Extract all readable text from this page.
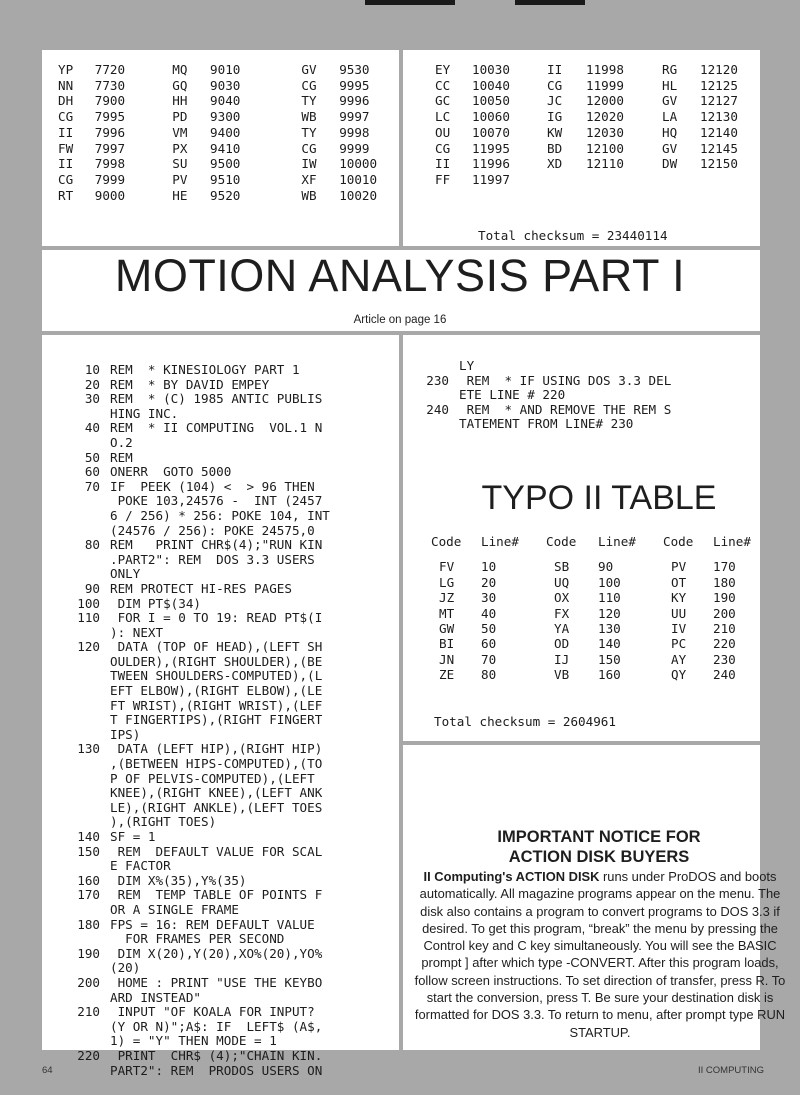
YP	7720	MQ	9010	GV	9530
NN	7730	GQ	9030	CG	9995
DH	7900	HH	9040	TY	9996
CG	7995	PD	9300	WB	9997
II	7996	VM	9400	TY	9998
FW	7997	PX	9410	CG	9999
II	7998	SU	9500	IW	10000
CG	7999	PV	9510	XF	10010
RT	9000	HE	9520	WB	10020
EY	10030	II	11998	RG	12120
CC	10040	CG	11999	HL	12125
GC	10050	JC	12000	GV	12127
LC	10060	IG	12020	LA	12130
OU	10070	KW	12030	HQ	12140
CG	11995	BD	12100	GV	12145
II	11996	XD	12110	DW	12150
FF	11997				
Total checksum = 23440114
MOTION ANALYSIS PART I
Article on page 16
10 REM  * KINESIOLOGY PART 1
20 REM  * BY DAVID EMPEY
30 REM  * (C) 1985 ANTIC PUBLIS
HING INC.
40 REM  * II COMPUTING  VOL.1 N
O.2
50 REM
60 ONERR  GOTO 5000
70 IF  PEEK (104) <  > 96 THEN
POKE 103,24576 -  INT (2457
6 / 256) * 256: POKE 104, INT
(24576 / 256): POKE 24575,0
80 REM   PRINT CHR$(4);"RUN KIN
.PART2": REM  DOS 3.3 USERS
ONLY
90 REM PROTECT HI-RES PAGES
100 DIM PT$(34)
110 FOR I = 0 TO 19: READ PT$(I
): NEXT
120 DATA (TOP OF HEAD),(LEFT SH
OULDER),(RIGHT SHOULDER),(BE
TWEEN SHOULDERS-COMPUTED),(L
EFT ELBOW),(RIGHT ELBOW),(LE
FT WRIST),(RIGHT WRIST),(LEF
T FINGERTIPS),(RIGHT FINGERT
IPS)
130 DATA (LEFT HIP),(RIGHT HIP)
,(BETWEEN HIPS-COMPUTED),(TO
P OF PELVIS-COMPUTED),(LEFT
KNEE),(RIGHT KNEE),(LEFT ANK
LE),(RIGHT ANKLE),(LEFT TOES
),(RIGHT TOES)
140 SF = 1
150 REM  DEFAULT VALUE FOR SCAL
E FACTOR
160 DIM X%(35),Y%(35)
170 REM  TEMP TABLE OF POINTS F
OR A SINGLE FRAME
180 FPS = 16: REM DEFAULT VALUE
FOR FRAMES PER SECOND
190 DIM X(20),Y(20),XO%(20),YO%
(20)
200 HOME : PRINT "USE THE KEYBO
ARD INSTEAD"
210 INPUT "OF KOALA FOR INPUT?
(Y OR N)";A$: IF  LEFT$ (A$,
1) = "Y" THEN MODE = 1
220 PRINT  CHR$ (4);"CHAIN KIN.
PART2": REM  PRODOS USERS ON
LY
230 REM  * IF USING DOS 3.3 DEL
ETE LINE # 220
240 REM  * AND REMOVE THE REM S
TATEMENT FROM LINE# 230
TYPO II TABLE
Code	Line#	Code	Line#	Code	Line#

FV	10	SB	90	PV	170
LG	20	UQ	100	OT	180
JZ	30	OX	110	KY	190
MT	40	FX	120	UU	200
GW	50	YA	130	IV	210
BI	60	OD	140	PC	220
JN	70	IJ	150	AY	230
ZE	80	VB	160	QY	240
Total checksum = 2604961
IMPORTANT NOTICE FOR
ACTION DISK BUYERS
II Computing's ACTION DISK runs under ProDOS and boots automatically. All magazine programs appear on the menu. The disk also contains a program to convert programs to DOS 3.3 if desired. To get this program, “break” the menu by pressing the Control key and C key simultaneously. You will see the BASIC prompt ] after which type -CONVERT. After this program loads, follow screen instructions. To set direction of transfer, press R. To start the conversion, press T. Be sure your destination disk is formatted for DOS 3.3. To return to menu, after prompt type RUN STARTUP.
64	II COMPUTING
